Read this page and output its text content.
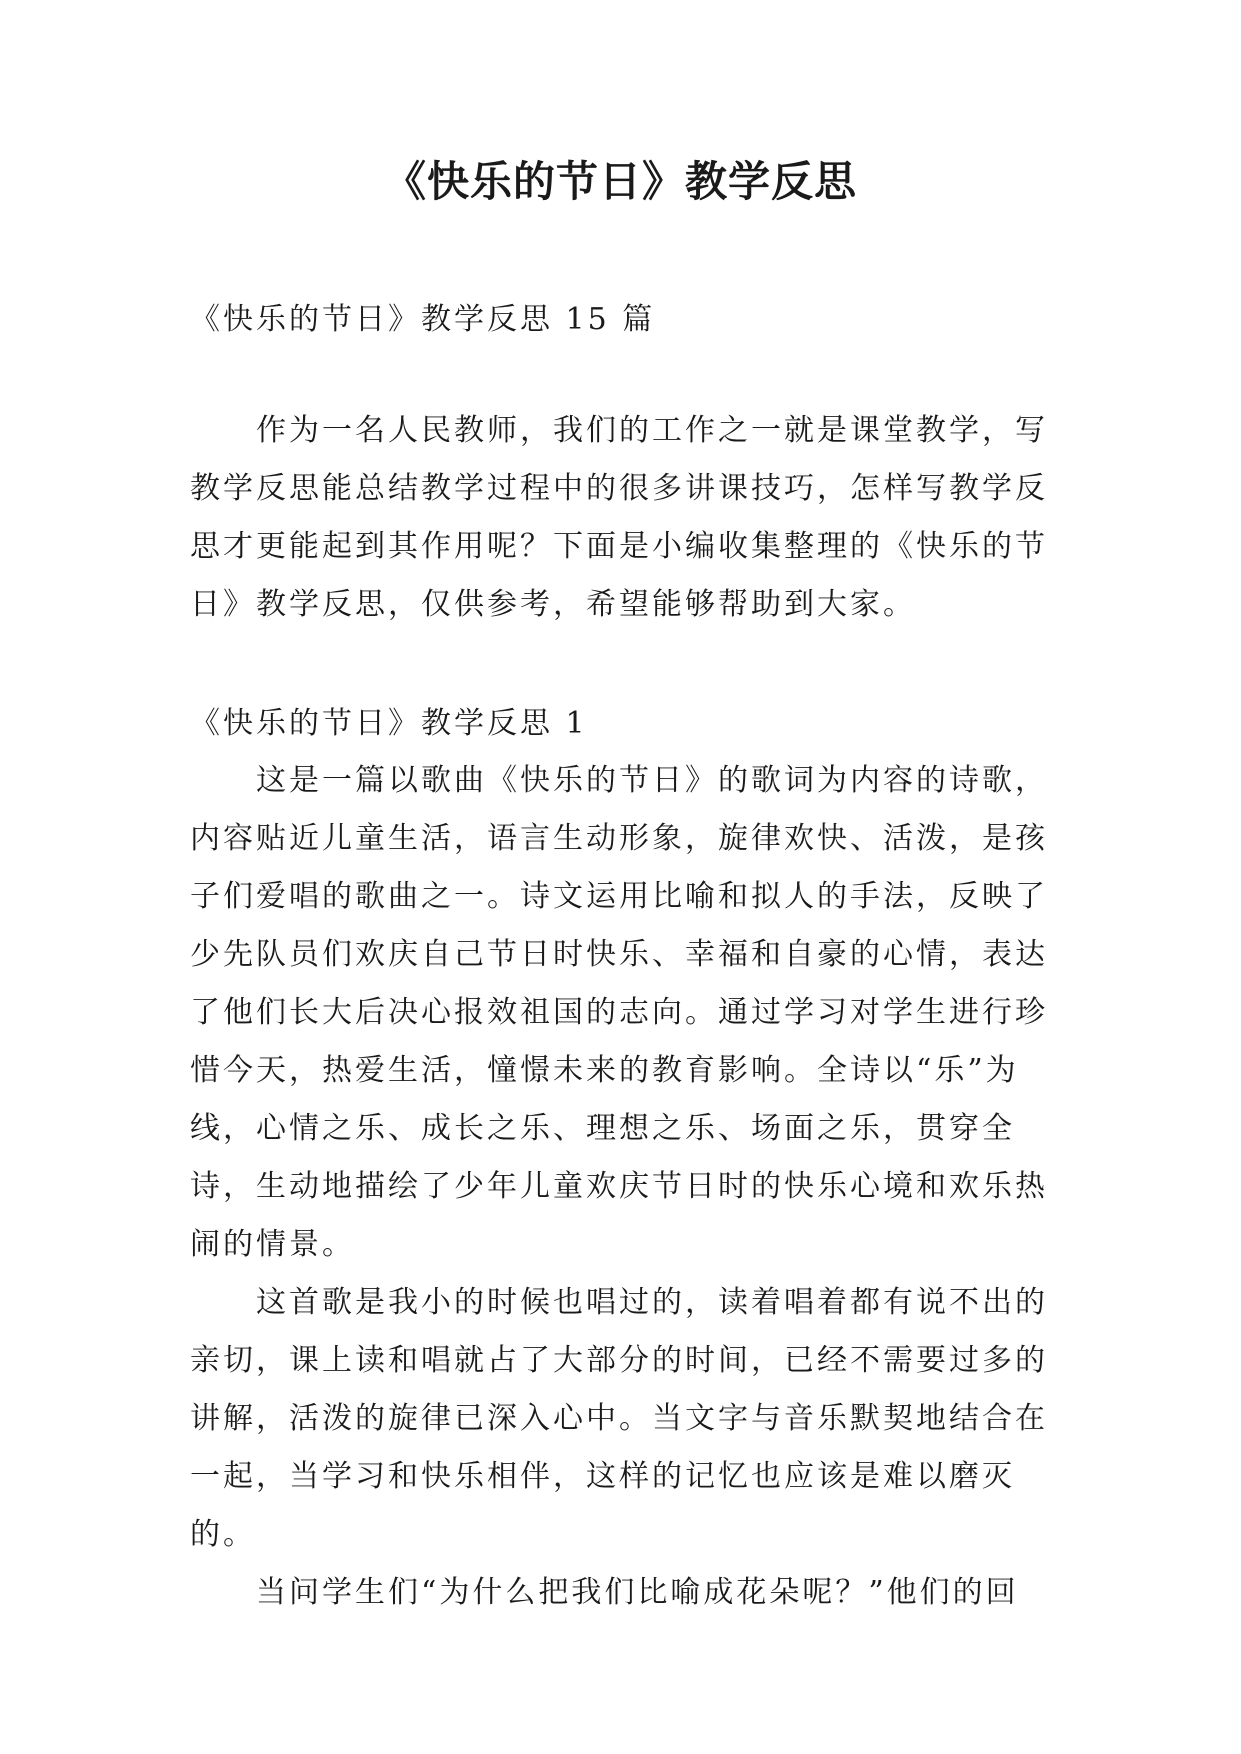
《快乐的节日》教学反思

《快乐的节日》教学反思 15 篇

作为一名人民教师，我们的工作之一就是课堂教学，写教学反思能总结教学过程中的很多讲课技巧，怎样写教学反思才更能起到其作用呢？下面是小编收集整理的《快乐的节日》教学反思，仅供参考，希望能够帮助到大家。

《快乐的节日》教学反思 1

这是一篇以歌曲《快乐的节日》的歌词为内容的诗歌，内容贴近儿童生活，语言生动形象，旋律欢快、活泼，是孩子们爱唱的歌曲之一。诗文运用比喻和拟人的手法，反映了少先队员们欢庆自己节日时快乐、幸福和自豪的心情，表达了他们长大后决心报效祖国的志向。通过学习对学生进行珍惜今天，热爱生活，憧憬未来的教育影响。全诗以“乐”为线，心情之乐、成长之乐、理想之乐、场面之乐，贯穿全诗，生动地描绘了少年儿童欢庆节日时的快乐心境和欢乐热闹的情景。

这首歌是我小的时候也唱过的，读着唱着都有说不出的亲切，课上读和唱就占了大部分的时间，已经不需要过多的讲解，活泼的旋律已深入心中。当文字与音乐默契地结合在一起，当学习和快乐相伴，这样的记忆也应该是难以磨灭的。

当问学生们“为什么把我们比喻成花朵呢？”他们的回
